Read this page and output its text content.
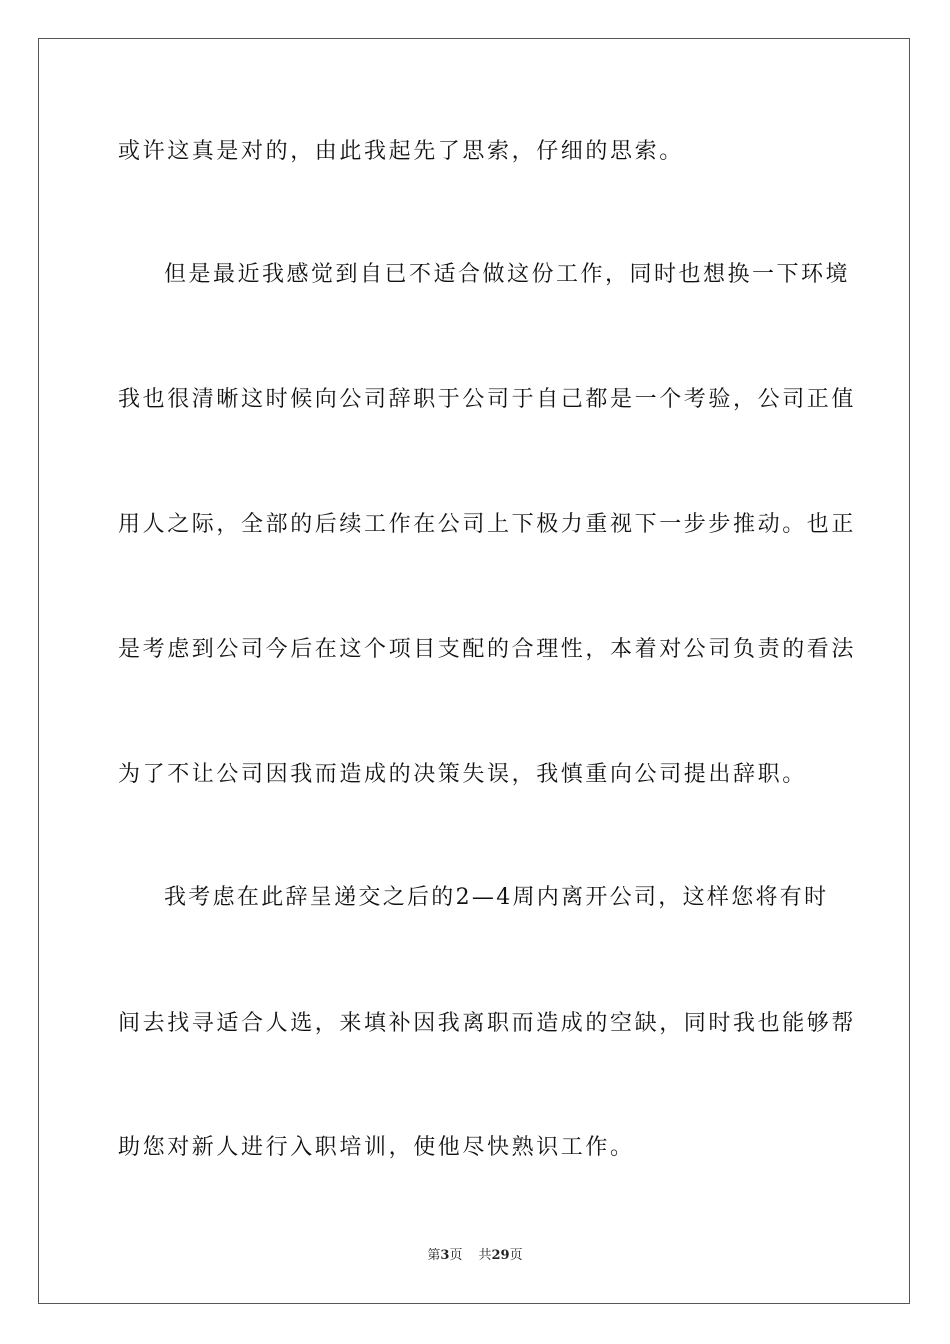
或许这真是对的，由此我起先了思索，仔细的思索。
但是最近我感觉到自已不适合做这份工作，同时也想换一下环境
我也很清晰这时候向公司辞职于公司于自己都是一个考验，公司正值
用人之际，全部的后续工作在公司上下极力重视下一步步推动。也正
是考虑到公司今后在这个项目支配的合理性，本着对公司负责的看法
为了不让公司因我而造成的决策失误，我慎重向公司提出辞职。
我考虑在此辞呈递交之后的2—4周内离开公司，这样您将有时
间去找寻适合人选，来填补因我离职而造成的空缺，同时我也能够帮
助您对新人进行入职培训，使他尽快熟识工作。
第3页 共29页
